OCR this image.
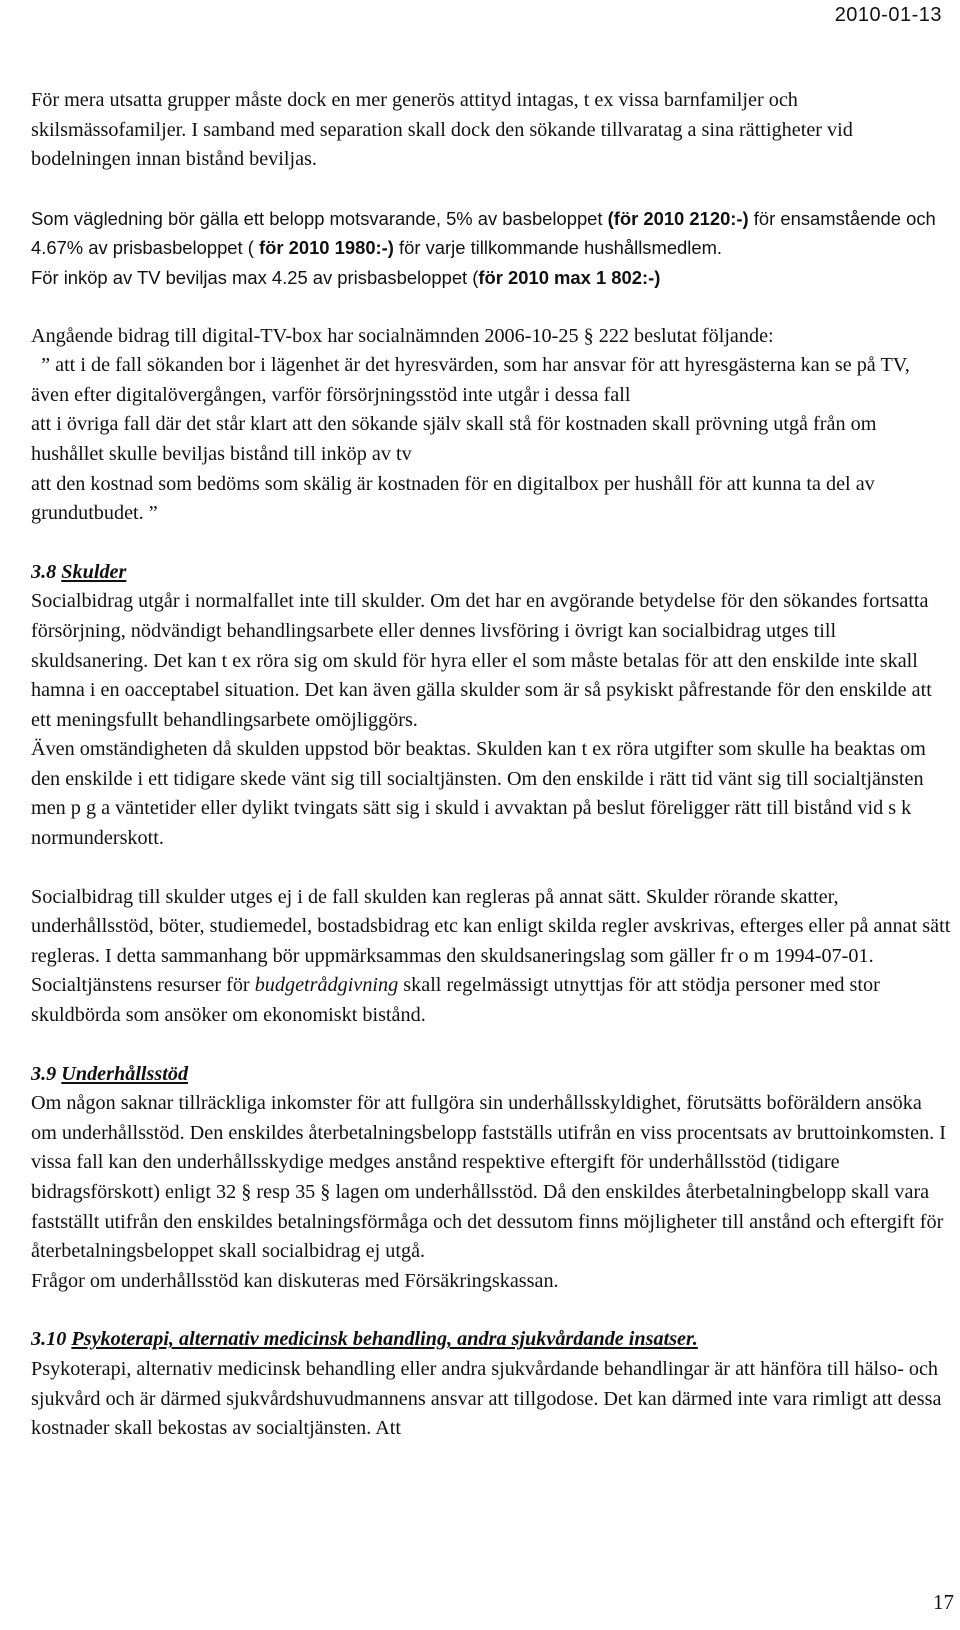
2010-01-13

För mera utsatta grupper måste dock en mer generös attityd intagas, t ex vissa barnfamiljer och skilsmässofamiljer. I samband med separation skall dock den sökande tillvaratag a sina rättigheter vid bodelningen innan bistånd beviljas.

Som vägledning bör gälla ett belopp motsvarande, 5% av basbeloppet (för 2010 2120:-) för ensamstående och 4.67% av prisbasbeloppet ( för 2010 1980:-) för varje tillkommande hushållsmedlem.

För inköp av TV beviljas max 4.25 av prisbasbeloppet (för 2010 max 1 802:-)

Angående bidrag till digital-TV-box har socialnämnden 2006-10-25 § 222 beslutat följande:

” att i de fall sökanden bor i lägenhet är det hyresvärden, som har ansvar för att hyresgästerna kan se på TV, även efter digitalövergången, varför försörjningsstöd inte utgår i dessa fall

att i övriga fall där det står klart att den sökande själv skall stå för kostnaden skall prövning utgå från om hushållet skulle beviljas bistånd till inköp av tv

att den kostnad som bedöms som skälig är kostnaden för en digitalbox per hushåll för att kunna ta del av grundutbudet. ”

3.8 Skulder

Socialbidrag utgår i normalfallet inte till skulder. Om det har en avgörande betydelse för den sökandes fortsatta försörjning, nödvändigt behandlingsarbete eller dennes livsföring i övrigt kan socialbidrag utges till skuldsanering. Det kan t ex röra sig om skuld för hyra eller el som måste betalas för att den enskilde inte skall hamna i en oacceptabel situation. Det kan även gälla skulder som är så psykiskt påfrestande för den enskilde att ett meningsfullt behandlingsarbete omöjliggörs.

Även omständigheten då skulden uppstod bör beaktas. Skulden kan t ex röra utgifter som skulle ha beaktas om den enskilde i ett tidigare skede vänt sig till socialtjänsten. Om den enskilde i rätt tid vänt sig till socialtjänsten men p g a väntetider eller dylikt tvingats sätt sig i skuld i avvaktan på beslut föreligger rätt till bistånd vid s k normunderskott.

Socialbidrag till skulder utges ej i de fall skulden kan regleras på annat sätt. Skulder rörande skatter, underhållsstöd, böter, studiemedel, bostadsbidrag etc kan enligt skilda regler avskrivas, efterges eller på annat sätt regleras. I detta sammanhang bör uppmärksammas den skuldsaneringslag som gäller fr o m 1994-07-01.

Socialtjänstens resurser för budgetrådgivning skall regelmässigt utnyttjas för att stödja personer med stor skuldbörda som ansöker om ekonomiskt bistånd.

3.9 Underhållsstöd

Om någon saknar tillräckliga inkomster för att fullgöra sin underhållsskyldighet, förutsätts boföräldern ansöka om underhållsstöd. Den enskildes återbetalningsbelopp fastställs utifrån en viss procentsats av bruttoinkomsten. I vissa fall kan den underhållsskydige medges anstånd respektive eftergift för underhållsstöd (tidigare bidragsförskott) enligt 32 § resp 35 § lagen om underhållsstöd. Då den enskildes återbetalningbelopp skall vara fastställt utifrån den enskildes betalningsförmåga och det dessutom finns möjligheter till anstånd och eftergift för återbetalningsbeloppet skall socialbidrag ej utgå.

Frågor om underhållsstöd kan diskuteras med Försäkringskassan.

3.10 Psykoterapi, alternativ medicinsk behandling, andra sjukvårdande insatser.

Psykoterapi, alternativ medicinsk behandling eller andra sjukvårdande behandlingar är att hänföra till hälso- och sjukvård och är därmed sjukvårdshuvudmannens ansvar att tillgodose. Det kan därmed inte vara rimligt att dessa kostnader skall bekostas av socialtjänsten. Att

17
